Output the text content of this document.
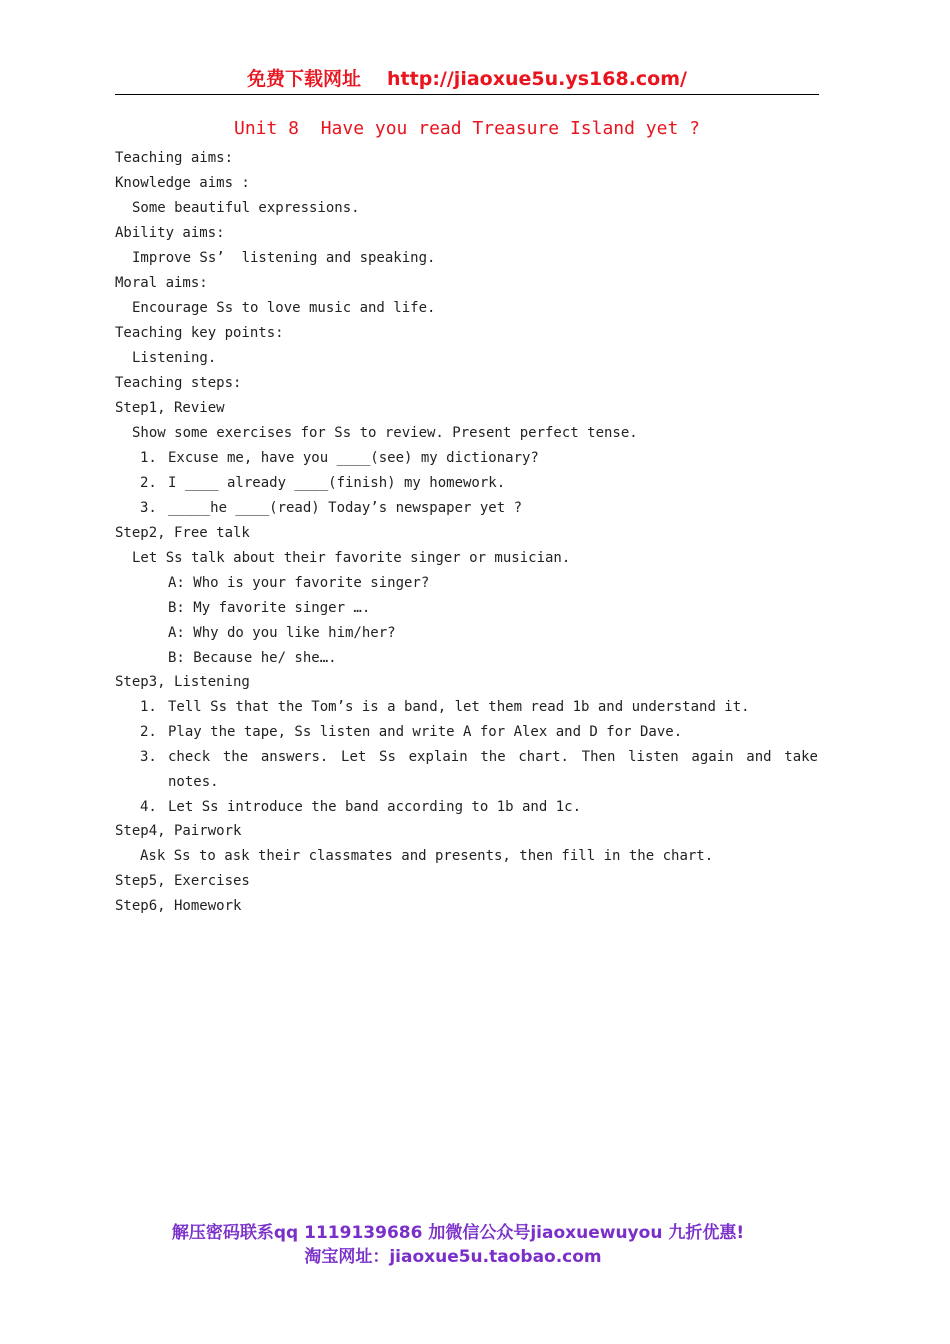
免费下载网址 http://jiaoxue5u.ys168.com/
Unit 8  Have you read Treasure Island yet ?
Teaching aims:
Knowledge aims :
Some beautiful expressions.
Ability aims:
Improve Ss’  listening and speaking.
Moral aims:
Encourage Ss to love music and life.
Teaching key points:
Listening.
Teaching steps:
Step1, Review
Show some exercises for Ss to review. Present perfect tense.
1. Excuse me, have you ____(see) my dictionary?
2. I ____ already ____(finish) my homework.
3. _____he ____(read) Today’s newspaper yet ?
Step2, Free talk
Let Ss talk about their favorite singer or musician.
A: Who is your favorite singer?
B: My favorite singer ….
A: Why do you like him/her?
B: Because he/ she….
Step3, Listening
1. Tell Ss that the Tom’s is a band, let them read 1b and understand it.
2. Play the tape, Ss listen and write A for Alex and D for Dave.
3. check the answers. Let Ss explain the chart. Then listen again and take
notes.
4. Let Ss introduce the band according to 1b and 1c.
Step4, Pairwork
Ask Ss to ask their classmates and presents, then fill in the chart.
Step5, Exercises
Step6, Homework
解压密码联系qq 1119139686 加微信公众号jiaoxuewuyou 九折优惠!
淘宝网址：jiaoxue5u.taobao.com
